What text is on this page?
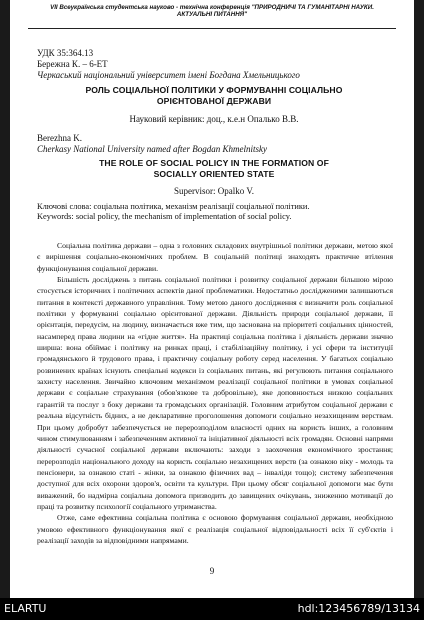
VII Всеукраїнська студентська науково - технічна конференція "ПРИРОДНИЧІ ТА ГУМАНІТАРНІ НАУКИ.
АКТУАЛЬНІ ПИТАННЯ"
УДК 35:364.13
Бережна К. – 6-ЕТ
Черкаський національний університет імені Богдана Хмельницького
РОЛЬ СОЦІАЛЬНОЇ ПОЛІТИКИ У ФОРМУВАННІ СОЦІАЛЬНО
ОРІЄНТОВАНОЇ ДЕРЖАВИ
Науковий керівник: доц., к.е.н Опалько В.В.
Berezhna K.
Cherkasy National University named after Bogdan Khmelnitsky
THE ROLE OF SOCIAL POLICY IN THE FORMATION OF
SOCIALLY ORIENTED STATE
Supervisor: Opalko V.
Ключові слова: соціальна політика, механізм реалізації соціальної політики.
Keywords: social policy, the mechanism of implementation of social policy.

Соціальна політика держави – одна з головних складових внутрішньої політики держави, метою якої є вирішення соціально-економічних проблем. В соціальній політиці знаходять практичне втілення функціонування соціальної держави.

Більшість досліджень з питань соціальної політики і розвитку соціальної держави більшою мірою стосується історичних і політичних аспектів даної проблематики. Недостатньо дослідженими залишаються питання в контексті державного управління. Тому метою даного дослідження є визначити роль соціальної політики у формуванні соціально орієнтованої держави. Діяльність природи соціальної держави, її орієнтація, передусім, на людину, визначається вже тим, що заснована на пріоритеті соціальних цінностей, насамперед права людини на «гідне життя». На практиці соціальна політика і діяльність держави значно ширша: вона обіймає і політику на ринках праці, і стабілізаційну політику, і усі сфери та інституції громадянського й трудового права, і практичну соціальну роботу серед населення. У багатьох соціально розвинених країнах існують спеціальні кодекси із соціальних питань, які регулюють питання соціального захисту населення. Звичайно ключовим механізмом реалізації соціальної політики в умовах соціальної держави є соціальне страхування (обов'язкове та добровільне), яке доповнюється низкою соціальних гарантій та послуг з боку держави та громадських організацій. Головним атрибутом соціальної держави є реальна відсутність бідних, а не декларативне проголошення допомоги соціально незахищеним верствам. При цьому добробут забезпечується не перерозподілом власності одних на користь інших, а головним чином стимулюванням і забезпеченням активної та ініціативної діяльності всіх громадян. Основні напрями діяльності сучасної соціальної держави включають: заходи з заохочення економічного зростання; перерозподіл національного доходу на користь соціально незахищених верств (за ознакою віку - молодь та пенсіонери, за ознакою статі - жінки, за ознакою фізичних вад – інваліди тощо); систему забезпечення доступної для всіх охорони здоров'я, освіти та культури. При цьому обсяг соціальної допомоги має бути виважений, бо надмірна соціальна допомога призводить до завищених очікувань, зниженню мотивації до праці та розвитку психології соціального утриманства.

Отже, саме ефективна соціальна політика є основою формування соціальної держави, необхідною умовою ефективного функціонування якої є реалізація соціальної відповідальності всіх її суб'єктів і реалізації заходів за відповідними напрямами.

9
ELARTU	hdl:123456789/13134
